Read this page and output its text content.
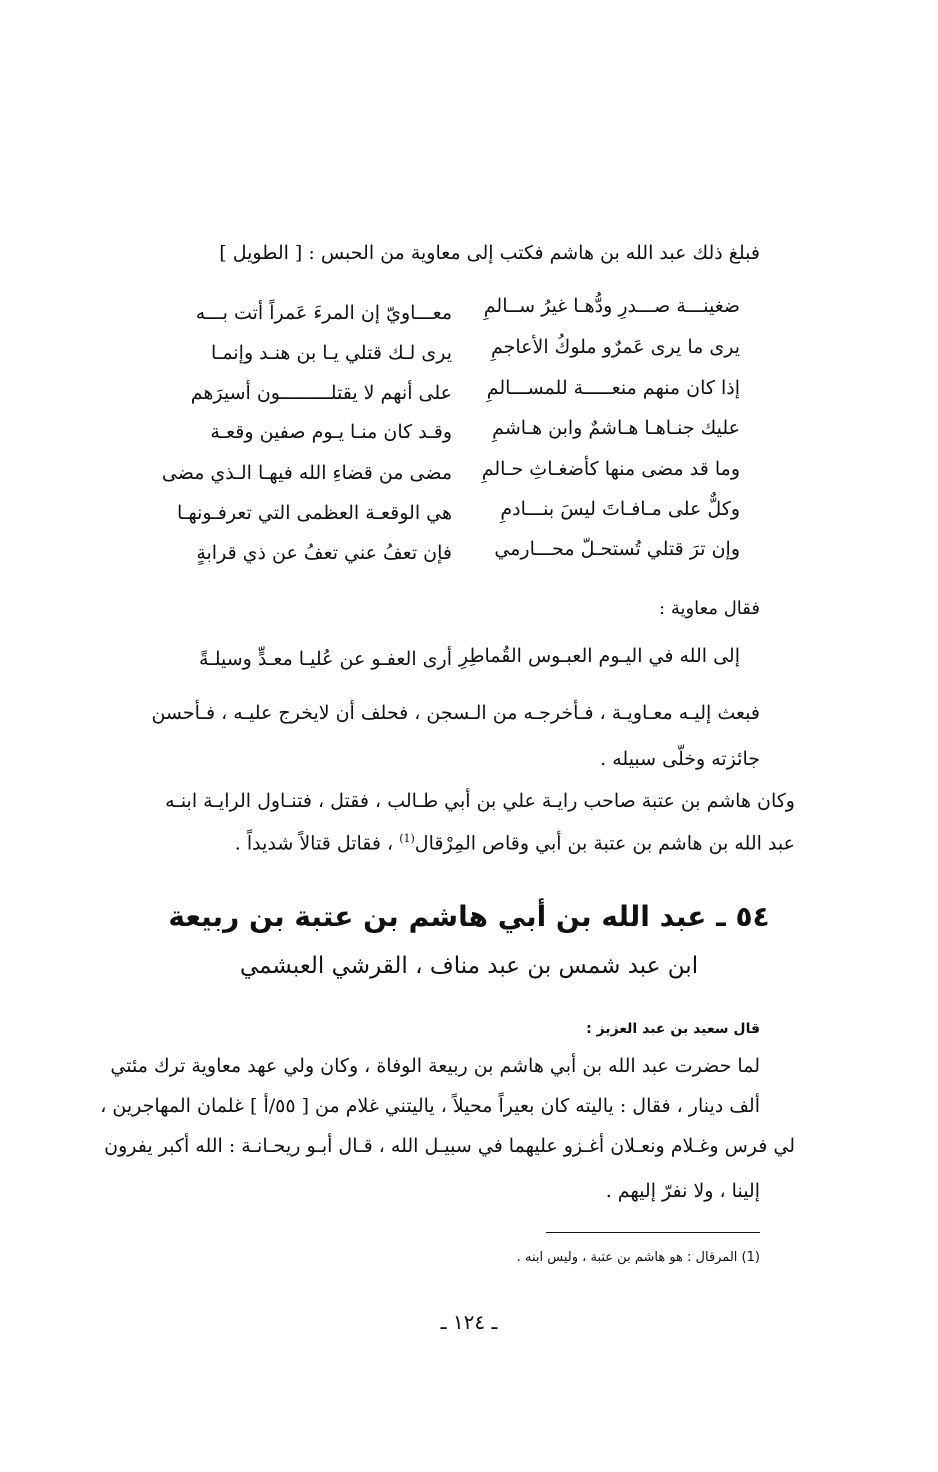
فبلغ ذلك عبد الله بن هاشم فكتب إلى معاوية من الحبس : [ الطويل ]
معـــاويّ إن المرءَ عَمراً أتت بـــه	ضغينـــة صـــدرِ ودُّهـا غيرُ ســالمِ
يرى لـك قتلي يـا بن هنـد وإنمـا	يرى ما يرى عَمرٌو ملوكُ الأعاجمِ
على أنهم لا يقتلـــــــــون أسيرَهم	إذا كان منهم منعـــــة للمســـالمِ
وقـد كان منـا يـوم صفين وقعـة	عليك جنـاهـا هـاشمٌ وابن هـاشمِ
مضى من قضاءِ الله فيهـا الـذي مضى	وما قد مضى منها كأضغـاثِ حـالمِ
هي الوقعـة العظمى التي تعرفـونهـا	وكلٌّ على مـافـاتَ ليسَ بنـــادمِ
فإن تعفُ عني تعفُ عن ذي قرابةٍ	وإن ترَ قتلي تُستحـلّ محـــارمي
فقال معاوية :
أرى العفـو عن عُليـا معـدٍّ وسيلـةً إلى الله في اليـوم العبـوس القُماطِرِ
فبعث إليـه معـاويـة ، فـأخرجـه من الـسجن ، فحلف أن لايخرج عليـه ، فـأحسن
جائزته وخلّى سبيله .
وكان هاشم بن عتبة صاحب رايـة علي بن أبي طـالب ، فقتل ، فتنـاول الرايـة ابنـه
عبد الله بن هاشم بن عتبة بن أبي وقاص المِرْقال$^{(1)}$ ، فقاتل قتالاً شديداً .
٥٤ ـ عبد الله بن أبي هاشم بن عتبة بن ربيعة
ابن عبد شمس بن عبد مناف ، القرشي العبشمي
قال سعيد بن عبد العزيز :
لما حضرت عبد الله بن أبي هاشم بن ربيعة الوفاة ، وكان ولي عهد معاوية ترك مئتي
ألف دينار ، فقال : ياليته كان بعيراً محيلاً ، ياليتني غلام من [ ٥٥/أ ] غلمان المهاجرين ،
لي فرس وغـلام ونعـلان أغـزو عليهما في سبيـل الله ، قـال أبـو ريحـانـة : الله أكبر يفرون
إلينا ، ولا نفرّ إليهم .
(1) المرقال : هو هاشم بن عتبة ، وليس ابنه .
ـ ١٢٤ ـ
